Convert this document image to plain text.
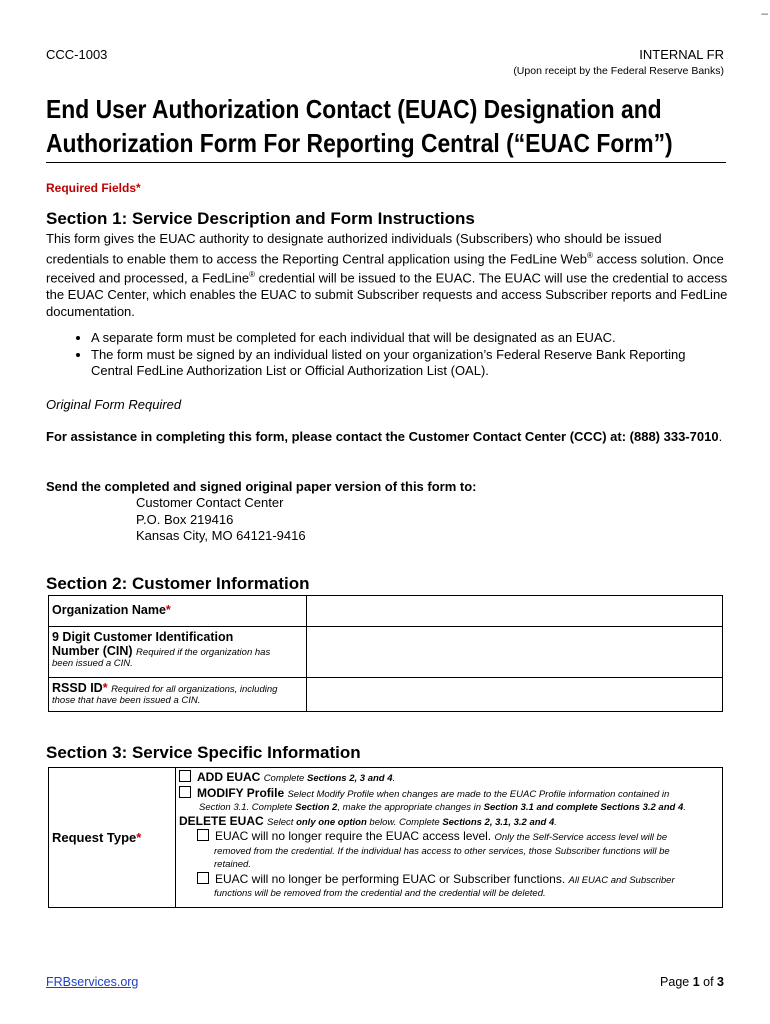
–
CCC-1003	INTERNAL FR
(Upon receipt by the Federal Reserve Banks)
End User Authorization Contact (EUAC) Designation and
Authorization Form For Reporting Central (“EUAC Form”)
Required Fields*
Section 1: Service Description and Form Instructions
This form gives the EUAC authority to designate authorized individuals (Subscribers) who should be issued credentials to enable them to access the Reporting Central application using the FedLine Web® access solution. Once received and processed, a FedLine® credential will be issued to the EUAC. The EUAC will use the credential to access the EUAC Center, which enables the EUAC to submit Subscriber requests and access Subscriber reports and FedLine documentation.
• A separate form must be completed for each individual that will be designated as an EUAC.
• The form must be signed by an individual listed on your organization’s Federal Reserve Bank Reporting Central FedLine Authorization List or Official Authorization List (OAL).
Original Form Required
For assistance in completing this form, please contact the Customer Contact Center (CCC) at: (888) 333-7010.
Send the completed and signed original paper version of this form to:
Customer Contact Center
P.O. Box 219416
Kansas City, MO 64121-9416
Section 2: Customer Information
Organization Name*	

9 Digit Customer Identification
Number (CIN) Required if the organization has
been issued a CIN.	

RSSD ID* Required for all organizations, including
those that have been issued a CIN.	

Section 3: Service Specific Information
Request Type*	
ADD EUAC Complete Sections 2, 3 and 4.
MODIFY Profile Select Modify Profile when changes are made to the EUAC Profile information contained in
Section 3.1. Complete Section 2, make the appropriate changes in Section 3.1 and complete Sections 3.2 and 4.
DELETE EUAC Select only one option below. Complete Sections 2, 3.1, 3.2 and 4.
EUAC will no longer require the EUAC access level. Only the Self-Service access level will be
removed from the credential. If the individual has access to other services, those Subscriber functions will be
retained.
EUAC will no longer be performing EUAC or Subscriber functions. All EUAC and Subscriber
functions will be removed from the credential and the credential will be deleted.
FRBservices.org	Page 1 of 3
